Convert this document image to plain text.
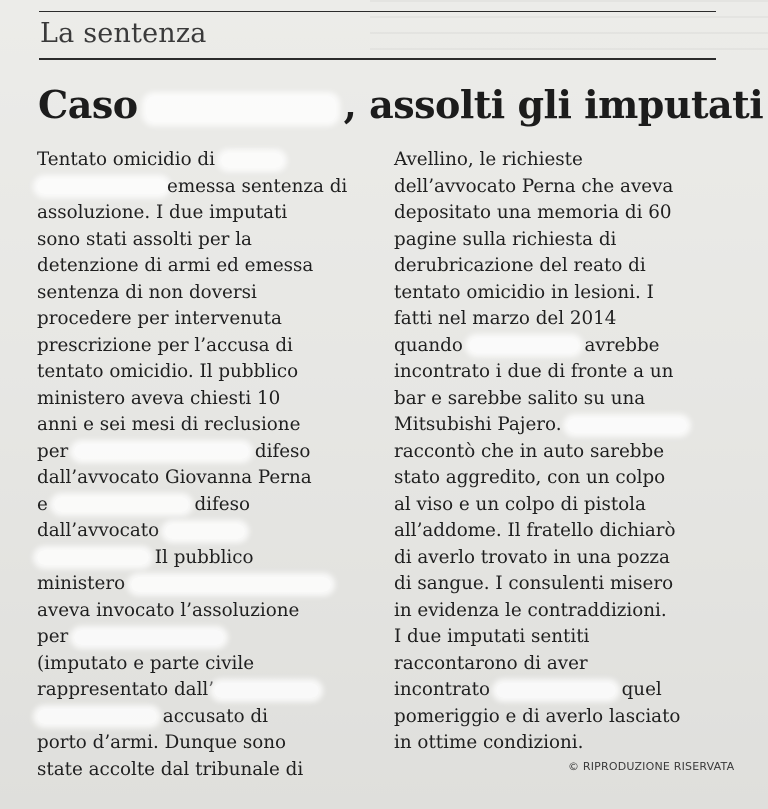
La sentenza
Caso	, assolti gli imputati
Tentato omicidio di
emessa sentenza di
assoluzione. I due imputati
sono stati assolti per la
detenzione di armi ed emessa
sentenza di non doversi
procedere per intervenuta
prescrizione per l’accusa di
tentato omicidio. Il pubblico
ministero aveva chiesti 10
anni e sei mesi di reclusione
per	difeso
dall’avvocato Giovanna Perna
e	difeso
dall’avvocato
Il pubblico
ministero
aveva invocato l’assoluzione
per
(imputato e parte civile
rappresentato dall’
accusato di
porto d’armi. Dunque sono
state accolte dal tribunale di
Avellino, le richieste
dell’avvocato Perna che aveva
depositato una memoria di 60
pagine sulla richiesta di
derubricazione del reato di
tentato omicidio in lesioni. I
fatti nel marzo del 2014
quando	avrebbe
incontrato i due di fronte a un
bar e sarebbe salito su una
Mitsubishi Pajero.
raccontò che in auto sarebbe
stato aggredito, con un colpo
al viso e un colpo di pistola
all’addome. Il fratello dichiarò
di averlo trovato in una pozza
di sangue. I consulenti misero
in evidenza le contraddizioni.
I due imputati sentiti
raccontarono di aver
incontrato	quel
pomeriggio e di averlo lasciato
in ottime condizioni.
© RIPRODUZIONE RISERVATA
